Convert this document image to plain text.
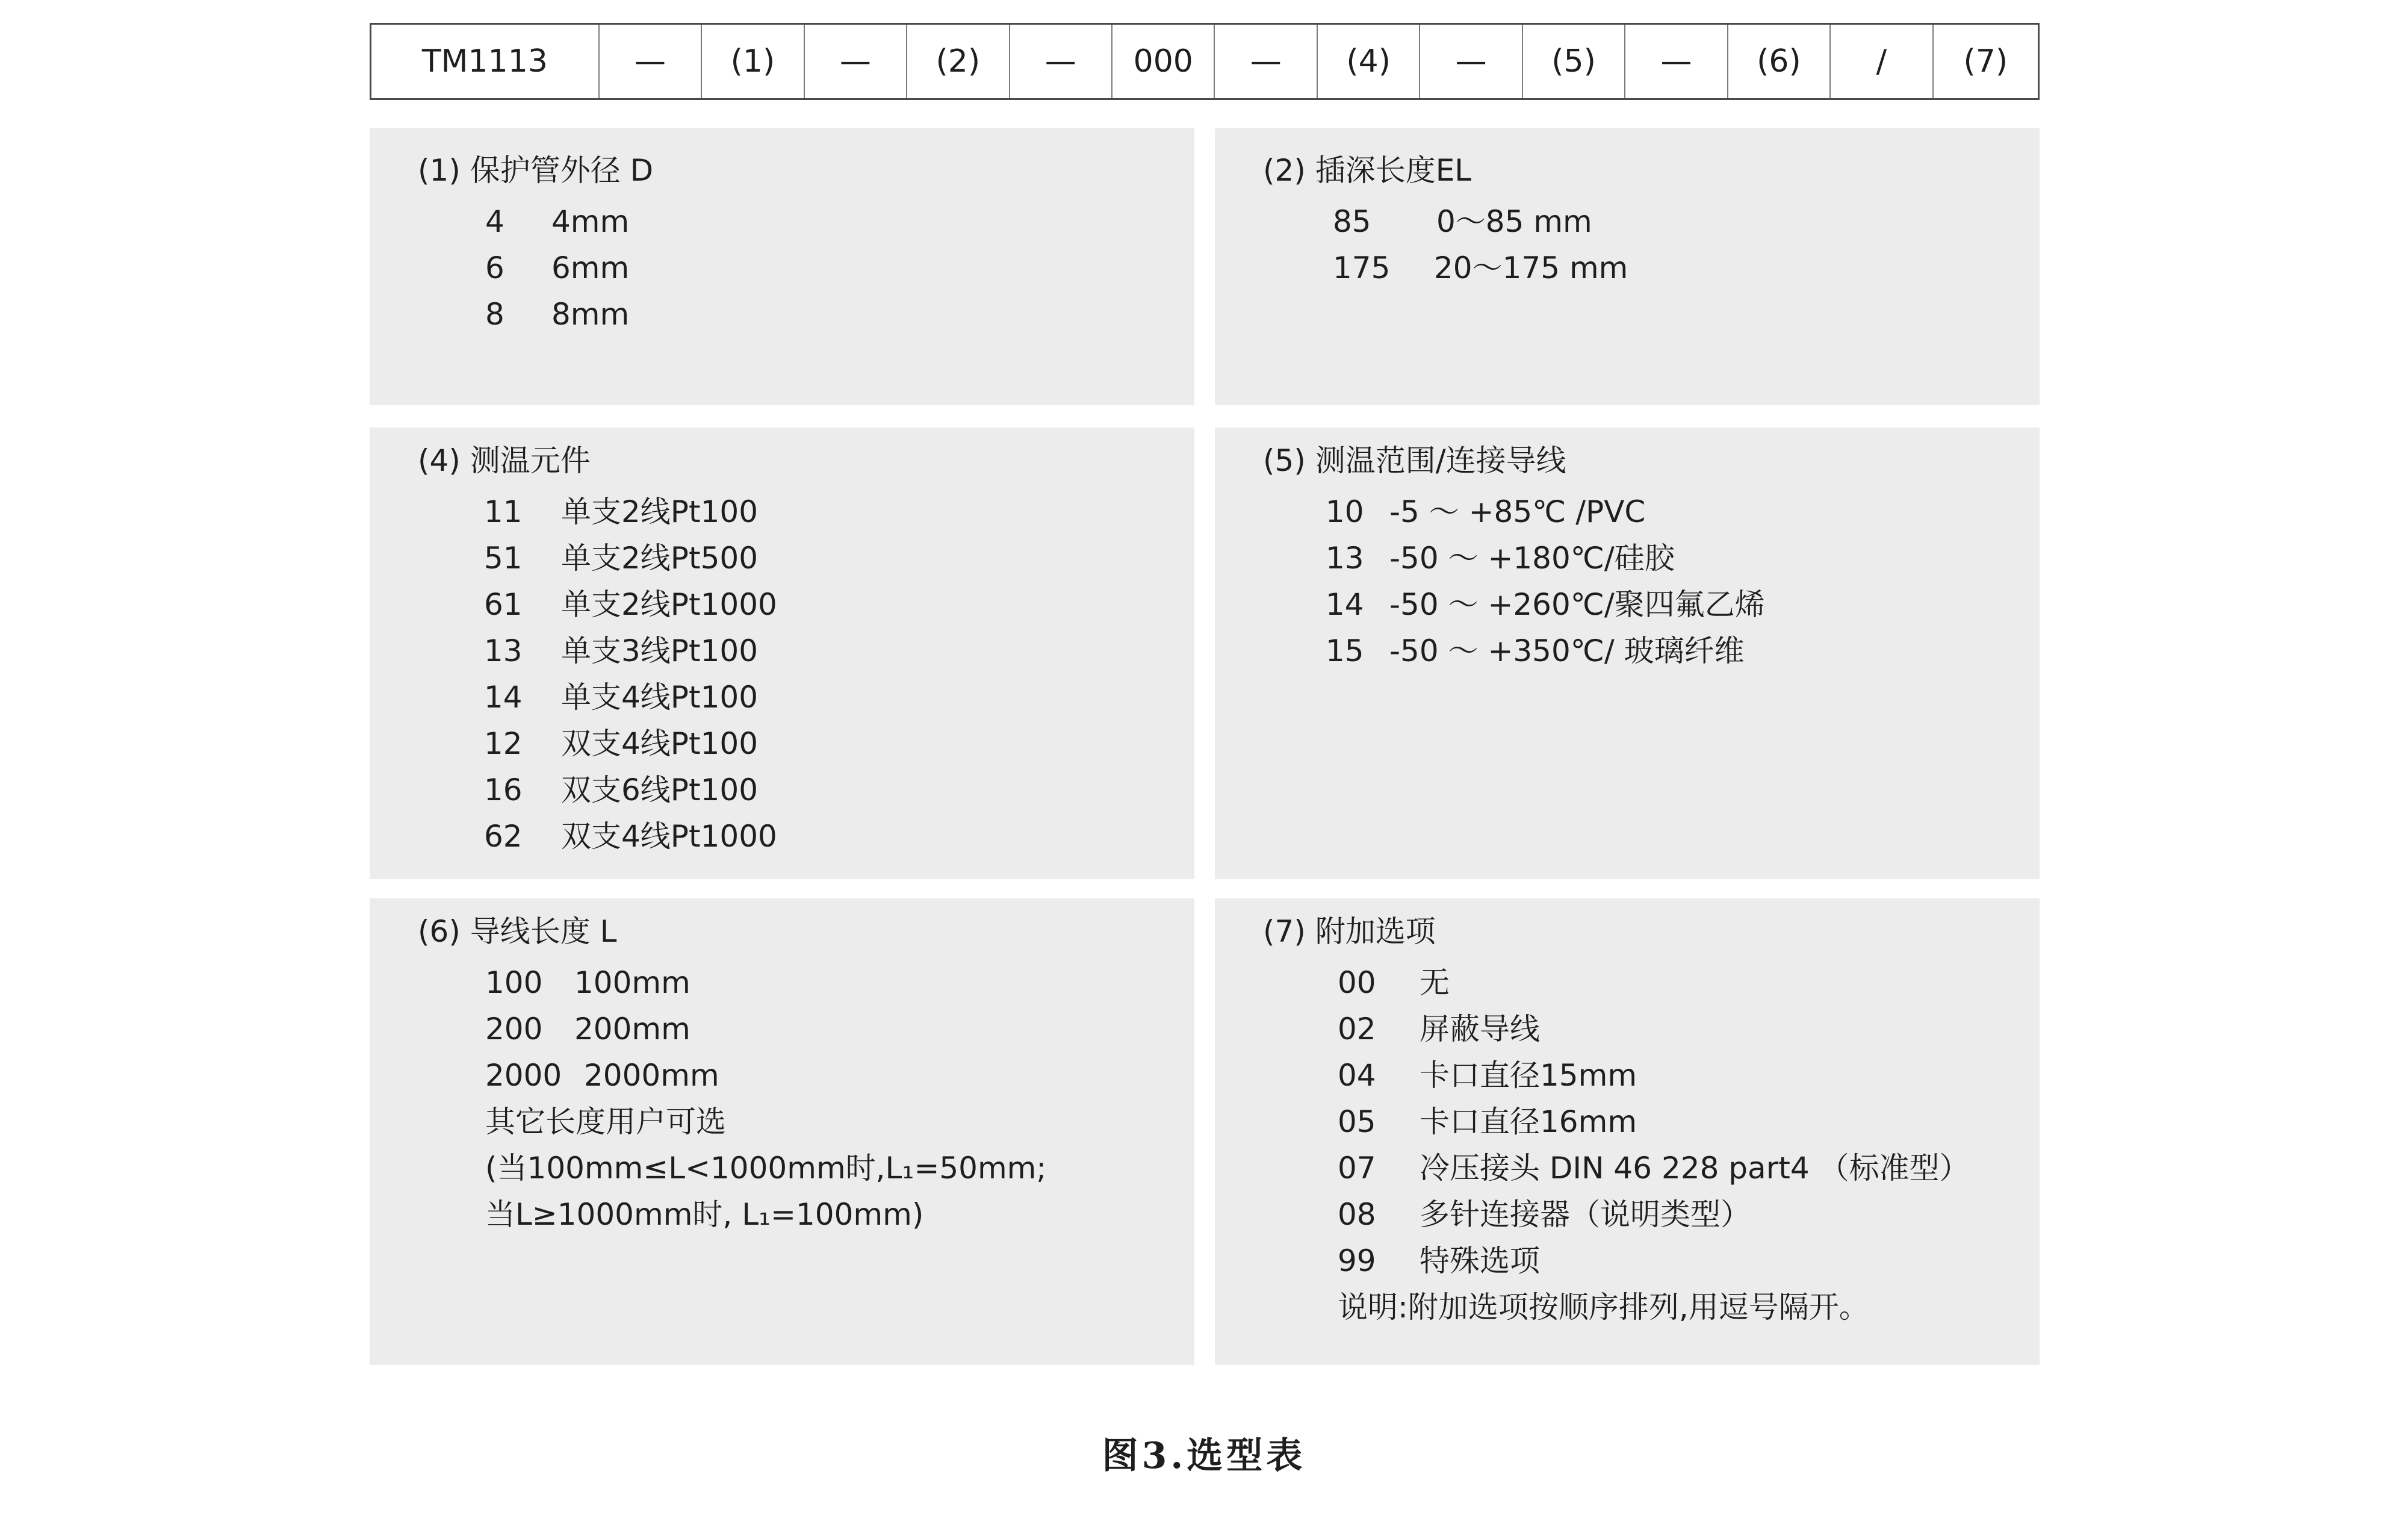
TM1113	—	(1)	—	(2)	—	000	—	(4)	—	(5)	—	(6)	/	(7)
(1) 保护管外径 D
4 4mm
6 6mm
8 8mm
(2) 插深长度EL
85 0～85 mm
175 20～175 mm
(4) 测温元件
11 单支2线Pt100
51 单支2线Pt500
61 单支2线Pt1000
13 单支3线Pt100
14 单支4线Pt100
12 双支4线Pt100
16 双支6线Pt100
62 双支4线Pt1000
(5) 测温范围/连接导线
10 -5 ～ +85℃ /PVC
13 -50 ～ +180℃/硅胶
14 -50 ～ +260℃/聚四氟乙烯
15 -50 ～ +350℃/ 玻璃纤维
(6) 导线长度 L
100 100mm
200 200mm
2000 2000mm
其它长度用户可选
(当100mm≤L<1000mm时,L₁=50mm;
当L≥1000mm时, L₁=100mm)
(7) 附加选项
00 无
02 屏蔽导线
04 卡口直径15mm
05 卡口直径16mm
07 冷压接头 DIN 46 228 part4 （标准型）
08 多针连接器（说明类型）
99 特殊选项
说明:附加选项按顺序排列,用逗号隔开。
图3.选型表
